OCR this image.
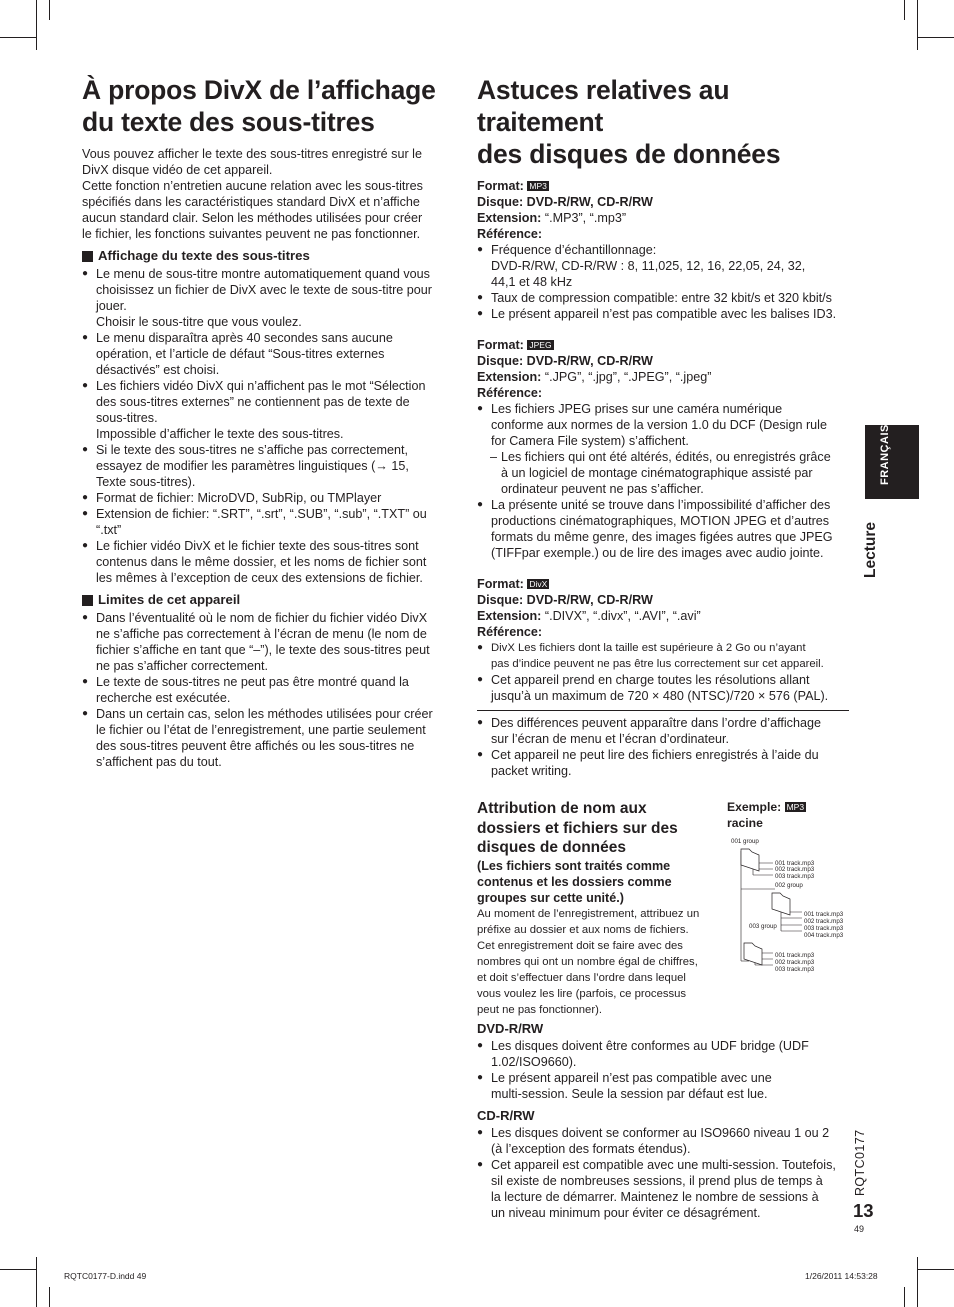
À propos DivX de l’affichage
du texte des sous-titres

Vous pouvez afficher le texte des sous-titres enregistré sur le
DivX disque vidéo de cet appareil.
Cette fonction n’entretien aucune relation avec les sous-titres
spécifiés dans les caractéristiques standard DivX et n’affiche
aucun standard clair. Selon les méthodes utilisées pour créer
le fichier, les fonctions suivantes peuvent ne pas fonctionner.

Affichage du texte des sous-titres
● Le menu de sous-titre montre automatiquement quand vous
choisissez un fichier de DivX avec le texte de sous-titre pour
jouer.
Choisir le sous-titre que vous voulez.
● Le menu disparaîtra après 40 secondes sans aucune
opération, et l’article de défaut “Sous-titres externes
désactivés” est choisi.
● Les fichiers vidéo DivX qui n’affichent pas le mot “Sélection
des sous-titres externes” ne contiennent pas de texte de
sous-titres.
Impossible d’afficher le texte des sous-titres.
● Si le texte des sous-titres ne s’affiche pas correctement,
essayez de modifier les paramètres linguistiques (→ 15,
Texte sous-titres).
● Format de fichier: MicroDVD, SubRip, ou TMPlayer
● Extension de fichier: “.SRT”, “.srt”, “.SUB”, “.sub”, “.TXT” ou
“.txt”
● Le fichier vidéo DivX et le fichier texte des sous-titres sont
contenus dans le même dossier, et les noms de fichier sont
les mêmes à l’exception de ceux des extensions de fichier.
Limites de cet appareil
● Dans l’éventualité où le nom de fichier du fichier vidéo DivX
ne s’affiche pas correctement à l’écran de menu (le nom de
fichier s’affiche en tant que “–”), le texte des sous-titres peut
ne pas s’afficher correctement.
● Le texte de sous-titres ne peut pas être montré quand la
recherche est exécutée.
● Dans un certain cas, selon les méthodes utilisées pour créer
le fichier ou l’état de l’enregistrement, une partie seulement
des sous-titres peuvent être affichés ou les sous-titres ne
s’affichent pas du tout.
Astuces relatives au traitement
des disques de données
Format: MP3
Disque: DVD-R/RW, CD-R/RW
Extension: “.MP3”, “.mp3”
Référence:
● Fréquence d’échantillonnage:
DVD-R/RW, CD-R/RW : 8, 11,025, 12, 16, 22,05, 24, 32,
44,1 et 48 kHz
● Taux de compression compatible: entre 32 kbit/s et 320 kbit/s
● Le présent appareil n’est pas compatible avec les balises ID3.
Format: JPEG
Disque: DVD-R/RW, CD-R/RW
Extension: “.JPG”, “.jpg”, “.JPEG”, “.jpeg”
Référence:
● Les fichiers JPEG prises sur une caméra numérique
conforme aux normes de la version 1.0 du DCF (Design rule
for Camera File system) s’affichent.
– Les fichiers qui ont été altérés, édités, ou enregistrés grâce
à un logiciel de montage cinématographique assisté par
ordinateur peuvent ne pas s’afficher.
● La présente unité se trouve dans l’impossibilité d’afficher des
productions cinématographiques, MOTION JPEG et d’autres
formats du même genre, des images figées autres que JPEG
(TIFFpar exemple.) ou de lire des images avec audio jointe.
Format: DivX
Disque: DVD-R/RW, CD-R/RW
Extension: “.DIVX”, “.divx”, “.AVI”, “.avi”
Référence:
● DivX Les fichiers dont la taille est supérieure à 2 Go ou n’ayant
pas d’indice peuvent ne pas être lus correctement sur cet appareil.
● Cet appareil prend en charge toutes les résolutions allant
jusqu’à un maximum de 720 × 480 (NTSC)/720 × 576 (PAL).
● Des différences peuvent apparaître dans l’ordre d’affichage
sur l’écran de menu et l’écran d’ordinateur.
● Cet appareil ne peut lire des fichiers enregistrés à l’aide du
packet writing.
Attribution de nom aux
dossiers et fichiers sur des
disques de données

(Les fichiers sont traités comme
contenus et les dossiers comme
groupes sur cette unité.)

Au moment de l’enregistrement, attribuez un
préfixe au dossier et aux noms de fichiers.
Cet enregistrement doit se faire avec des
nombres qui ont un nombre égal de chiffres,
et doit s’effectuer dans l’ordre dans lequel
vous voulez les lire (parfois, ce processus
peut ne pas fonctionner).

Exemple: MP3
racine
001 group
001 track.mp3
002 track.mp3
003 track.mp3
002 group
001 track.mp3
002 track.mp3
003 track.mp3
004 track.mp3
003 group
001 track.mp3
002 track.mp3
003 track.mp3
DVD-R/RW
● Les disques doivent être conformes au UDF bridge (UDF
1.02/ISO9660).
● Le présent appareil n’est pas compatible avec une
multi-session. Seule la session par défaut est lue.
CD-R/RW
● Les disques doivent se conformer au ISO9660 niveau 1 ou 2
(à l’exception des formats étendus).
● Cet appareil est compatible avec une multi-session. Toutefois,
sil existe de nombreuses sessions, il prend plus de temps à
la lecture de démarrer. Maintenez le nombre de sessions à
un niveau minimum pour éviter ce désagrément.
FRANÇAIS
Lecture
RQTC0177
13
49
RQTC0177-D.indd 49	1/26/2011 14:53:28
